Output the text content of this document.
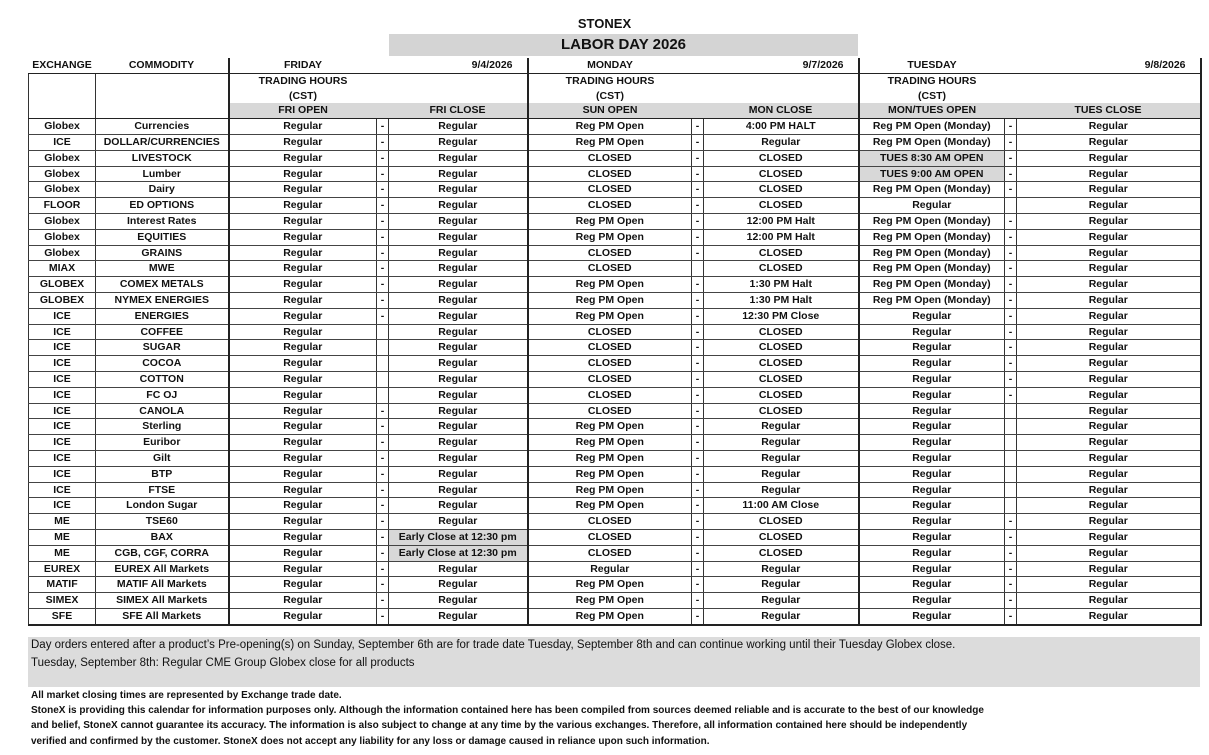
STONEX
LABOR DAY 2026
EXCHANGE	COMMODITY	FRIDAY	9/4/2026		MONDAY	9/7/2026		TUESDAY	9/8/2026	
		TRADING HOURS			TRADING HOURS			TRADING HOURS		
		(CST)			(CST)			(CST)		
		FRI OPEN		FRI CLOSE	SUN OPEN		MON CLOSE	MON/TUES OPEN		TUES CLOSE
Globex	Currencies	Regular	-	Regular	Reg PM Open	-	4:00 PM HALT	Reg PM Open (Monday)	-	Regular
ICE	DOLLAR/CURRENCIES	Regular	-	Regular	Reg PM Open	-	Regular	Reg PM Open (Monday)	-	Regular
Globex	LIVESTOCK	Regular	-	Regular	CLOSED	-	CLOSED	TUES 8:30 AM OPEN	-	Regular
Globex	Lumber	Regular	-	Regular	CLOSED	-	CLOSED	TUES 9:00 AM OPEN	-	Regular
Globex	Dairy	Regular	-	Regular	CLOSED	-	CLOSED	Reg PM Open (Monday)	-	Regular
FLOOR	ED OPTIONS	Regular	-	Regular	CLOSED	-	CLOSED	Regular		Regular
Globex	Interest Rates	Regular	-	Regular	Reg PM Open	-	12:00 PM Halt	Reg PM Open (Monday)	-	Regular
Globex	EQUITIES	Regular	-	Regular	Reg PM Open	-	12:00 PM Halt	Reg PM Open (Monday)	-	Regular
Globex	GRAINS	Regular	-	Regular	CLOSED	-	CLOSED	Reg PM Open (Monday)	-	Regular
MIAX	MWE	Regular	-	Regular	CLOSED		CLOSED	Reg PM Open (Monday)	-	Regular
GLOBEX	COMEX METALS	Regular	-	Regular	Reg PM Open	-	1:30 PM Halt	Reg PM Open (Monday)	-	Regular
GLOBEX	NYMEX ENERGIES	Regular	-	Regular	Reg PM Open	-	1:30 PM Halt	Reg PM Open (Monday)	-	Regular
ICE	ENERGIES	Regular	-	Regular	Reg PM Open	-	12:30 PM Close	Regular	-	Regular
ICE	COFFEE	Regular		Regular	CLOSED	-	CLOSED	Regular	-	Regular
ICE	SUGAR	Regular		Regular	CLOSED	-	CLOSED	Regular	-	Regular
ICE	COCOA	Regular		Regular	CLOSED	-	CLOSED	Regular	-	Regular
ICE	COTTON	Regular		Regular	CLOSED	-	CLOSED	Regular	-	Regular
ICE	FC OJ	Regular		Regular	CLOSED	-	CLOSED	Regular	-	Regular
ICE	CANOLA	Regular	-	Regular	CLOSED	-	CLOSED	Regular		Regular
ICE	Sterling	Regular	-	Regular	Reg PM Open	-	Regular	Regular		Regular
ICE	Euribor	Regular	-	Regular	Reg PM Open	-	Regular	Regular		Regular
ICE	Gilt	Regular	-	Regular	Reg PM Open	-	Regular	Regular		Regular
ICE	BTP	Regular	-	Regular	Reg PM Open	-	Regular	Regular		Regular
ICE	FTSE	Regular	-	Regular	Reg PM Open	-	Regular	Regular		Regular
ICE	London Sugar	Regular	-	Regular	Reg PM Open	-	11:00 AM Close	Regular		Regular
ME	TSE60	Regular	-	Regular	CLOSED	-	CLOSED	Regular	-	Regular
ME	BAX	Regular	-	Early Close at 12:30 pm	CLOSED	-	CLOSED	Regular	-	Regular
ME	CGB, CGF, CORRA	Regular	-	Early Close at 12:30 pm	CLOSED	-	CLOSED	Regular	-	Regular
EUREX	EUREX All Markets	Regular	-	Regular	Regular	-	Regular	Regular	-	Regular
MATIF	MATIF All Markets	Regular	-	Regular	Reg PM Open	-	Regular	Regular	-	Regular
SIMEX	SIMEX All Markets	Regular	-	Regular	Reg PM Open	-	Regular	Regular	-	Regular
SFE	SFE All Markets	Regular	-	Regular	Reg PM Open	-	Regular	Regular	-	Regular
Day orders entered after a product’s Pre-opening(s) on Sunday, September 6th are for trade date Tuesday, September 8th and can continue working until their Tuesday Globex close.
Tuesday, September 8th: Regular CME Group Globex close for all products
All market closing times are represented by Exchange trade date.
StoneX is providing this calendar for information purposes only. Although the information contained here has been compiled from sources deemed reliable and is accurate to the best of our knowledge
and belief, StoneX cannot guarantee its accuracy. The information is also subject to change at any time by the various exchanges. Therefore, all information contained here should be independently
verified and confirmed by the customer. StoneX does not accept any liability for any loss or damage caused in reliance upon such information.
